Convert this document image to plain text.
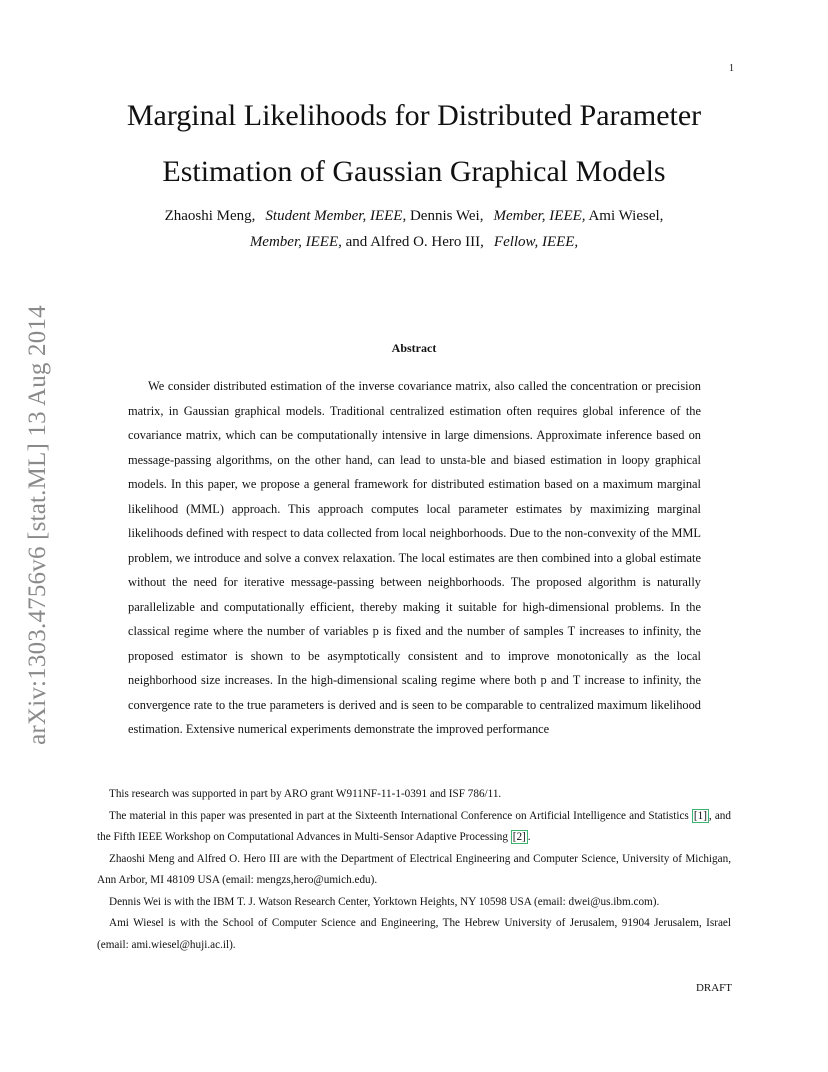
1
arXiv:1303.4756v6 [stat.ML] 13 Aug 2014
Marginal Likelihoods for Distributed Parameter
Estimation of Gaussian Graphical Models
Zhaoshi Meng, Student Member, IEEE, Dennis Wei, Member, IEEE, Ami Wiesel,
Member, IEEE, and Alfred O. Hero III, Fellow, IEEE,
Abstract

We consider distributed estimation of the inverse covariance matrix, also called the concentration or precision matrix, in Gaussian graphical models. Traditional centralized estimation often requires global inference of the covariance matrix, which can be computationally intensive in large dimensions. Approximate inference based on message-passing algorithms, on the other hand, can lead to unsta-ble and biased estimation in loopy graphical models. In this paper, we propose a general framework for distributed estimation based on a maximum marginal likelihood (MML) approach. This approach computes local parameter estimates by maximizing marginal likelihoods defined with respect to data collected from local neighborhoods. Due to the non-convexity of the MML problem, we introduce and solve a convex relaxation. The local estimates are then combined into a global estimate without the need for iterative message-passing between neighborhoods. The proposed algorithm is naturally parallelizable and computationally efficient, thereby making it suitable for high-dimensional problems. In the classical regime where the number of variables p is fixed and the number of samples T increases to infinity, the proposed estimator is shown to be asymptotically consistent and to improve monotonically as the local neighborhood size increases. In the high-dimensional scaling regime where both p and T increase to infinity, the convergence rate to the true parameters is derived and is seen to be comparable to centralized maximum likelihood estimation. Extensive numerical experiments demonstrate the improved performance

This research was supported in part by ARO grant W911NF-11-1-0391 and ISF 786/11.

The material in this paper was presented in part at the Sixteenth International Conference on Artificial Intelligence and Statistics [1] , and the Fifth IEEE Workshop on Computational Advances in Multi-Sensor Adaptive Processing [2] .

Zhaoshi Meng and Alfred O. Hero III are with the Department of Electrical Engineering and Computer Science, University of Michigan, Ann Arbor, MI 48109 USA (email: mengzs,hero@umich.edu).

Dennis Wei is with the IBM T. J. Watson Research Center, Yorktown Heights, NY 10598 USA (email: dwei@us.ibm.com).

Ami Wiesel is with the School of Computer Science and Engineering, The Hebrew University of Jerusalem, 91904 Jerusalem, Israel (email: ami.wiesel@huji.ac.il).

DRAFT
